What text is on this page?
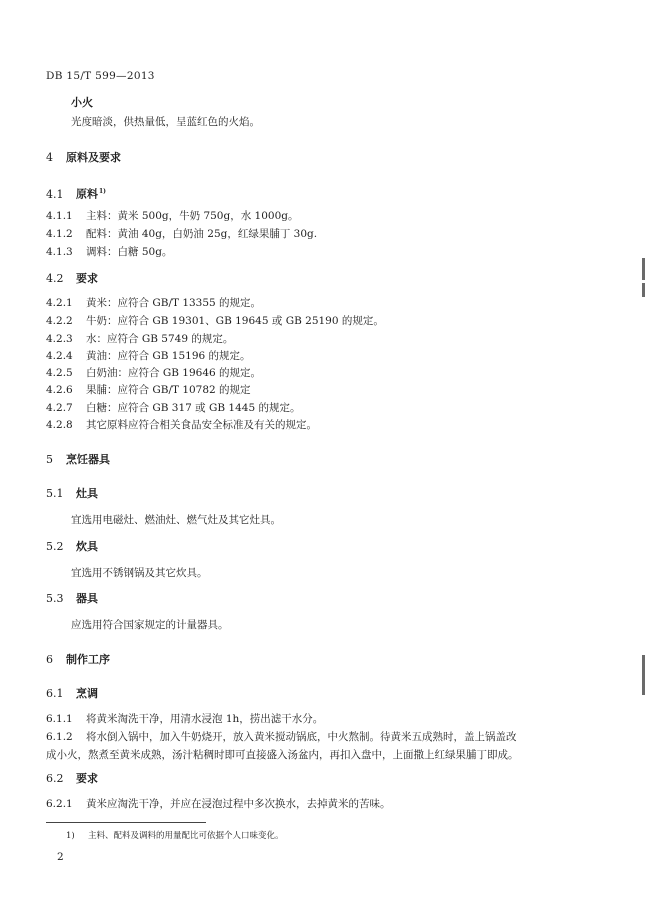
DB 15/T 599—2013
小火
光度暗淡，供热量低，呈蓝红色的火焰。
4 原料及要求
4.1 原料$^{1)}$
4.1.1 主料：黄米 500g，牛奶 750g，水 1000g。
4.1.2 配料：黄油 40g，白奶油 25g，红绿果脯丁 30g.
4.1.3 调料：白糖 50g。
4.2 要求
4.2.1 黄米：应符合 GB/T 13355 的规定。
4.2.2 牛奶：应符合 GB 19301、GB 19645 或 GB 25190 的规定。
4.2.3 水：应符合 GB 5749 的规定。
4.2.4 黄油：应符合 GB 15196 的规定。
4.2.5 白奶油：应符合 GB 19646 的规定。
4.2.6 果脯：应符合 GB/T 10782 的规定
4.2.7 白糖：应符合 GB 317 或 GB 1445 的规定。
4.2.8 其它原料应符合相关食品安全标准及有关的规定。
5 烹饪器具
5.1 灶具
宜选用电磁灶、燃油灶、燃气灶及其它灶具。
5.2 炊具
宜选用不锈钢锅及其它炊具。
5.3 器具
应选用符合国家规定的计量器具。
6 制作工序
6.1 烹调
6.1.1 将黄米淘洗干净，用清水浸泡 1h，捞出滤干水分。
6.1.2 将水倒入锅中，加入牛奶烧开，放入黄米搅动锅底，中火熬制。待黄米五成熟时，盖上锅盖改
成小火，熬煮至黄米成熟，汤汁粘稠时即可直接盛入汤盆内，再扣入盘中，上面撒上红绿果脯丁即成。
6.2 要求
6.2.1 黄米应淘洗干净，并应在浸泡过程中多次换水，去掉黄米的苦味。
1) 主料、配料及调料的用量配比可依据个人口味变化。
2
